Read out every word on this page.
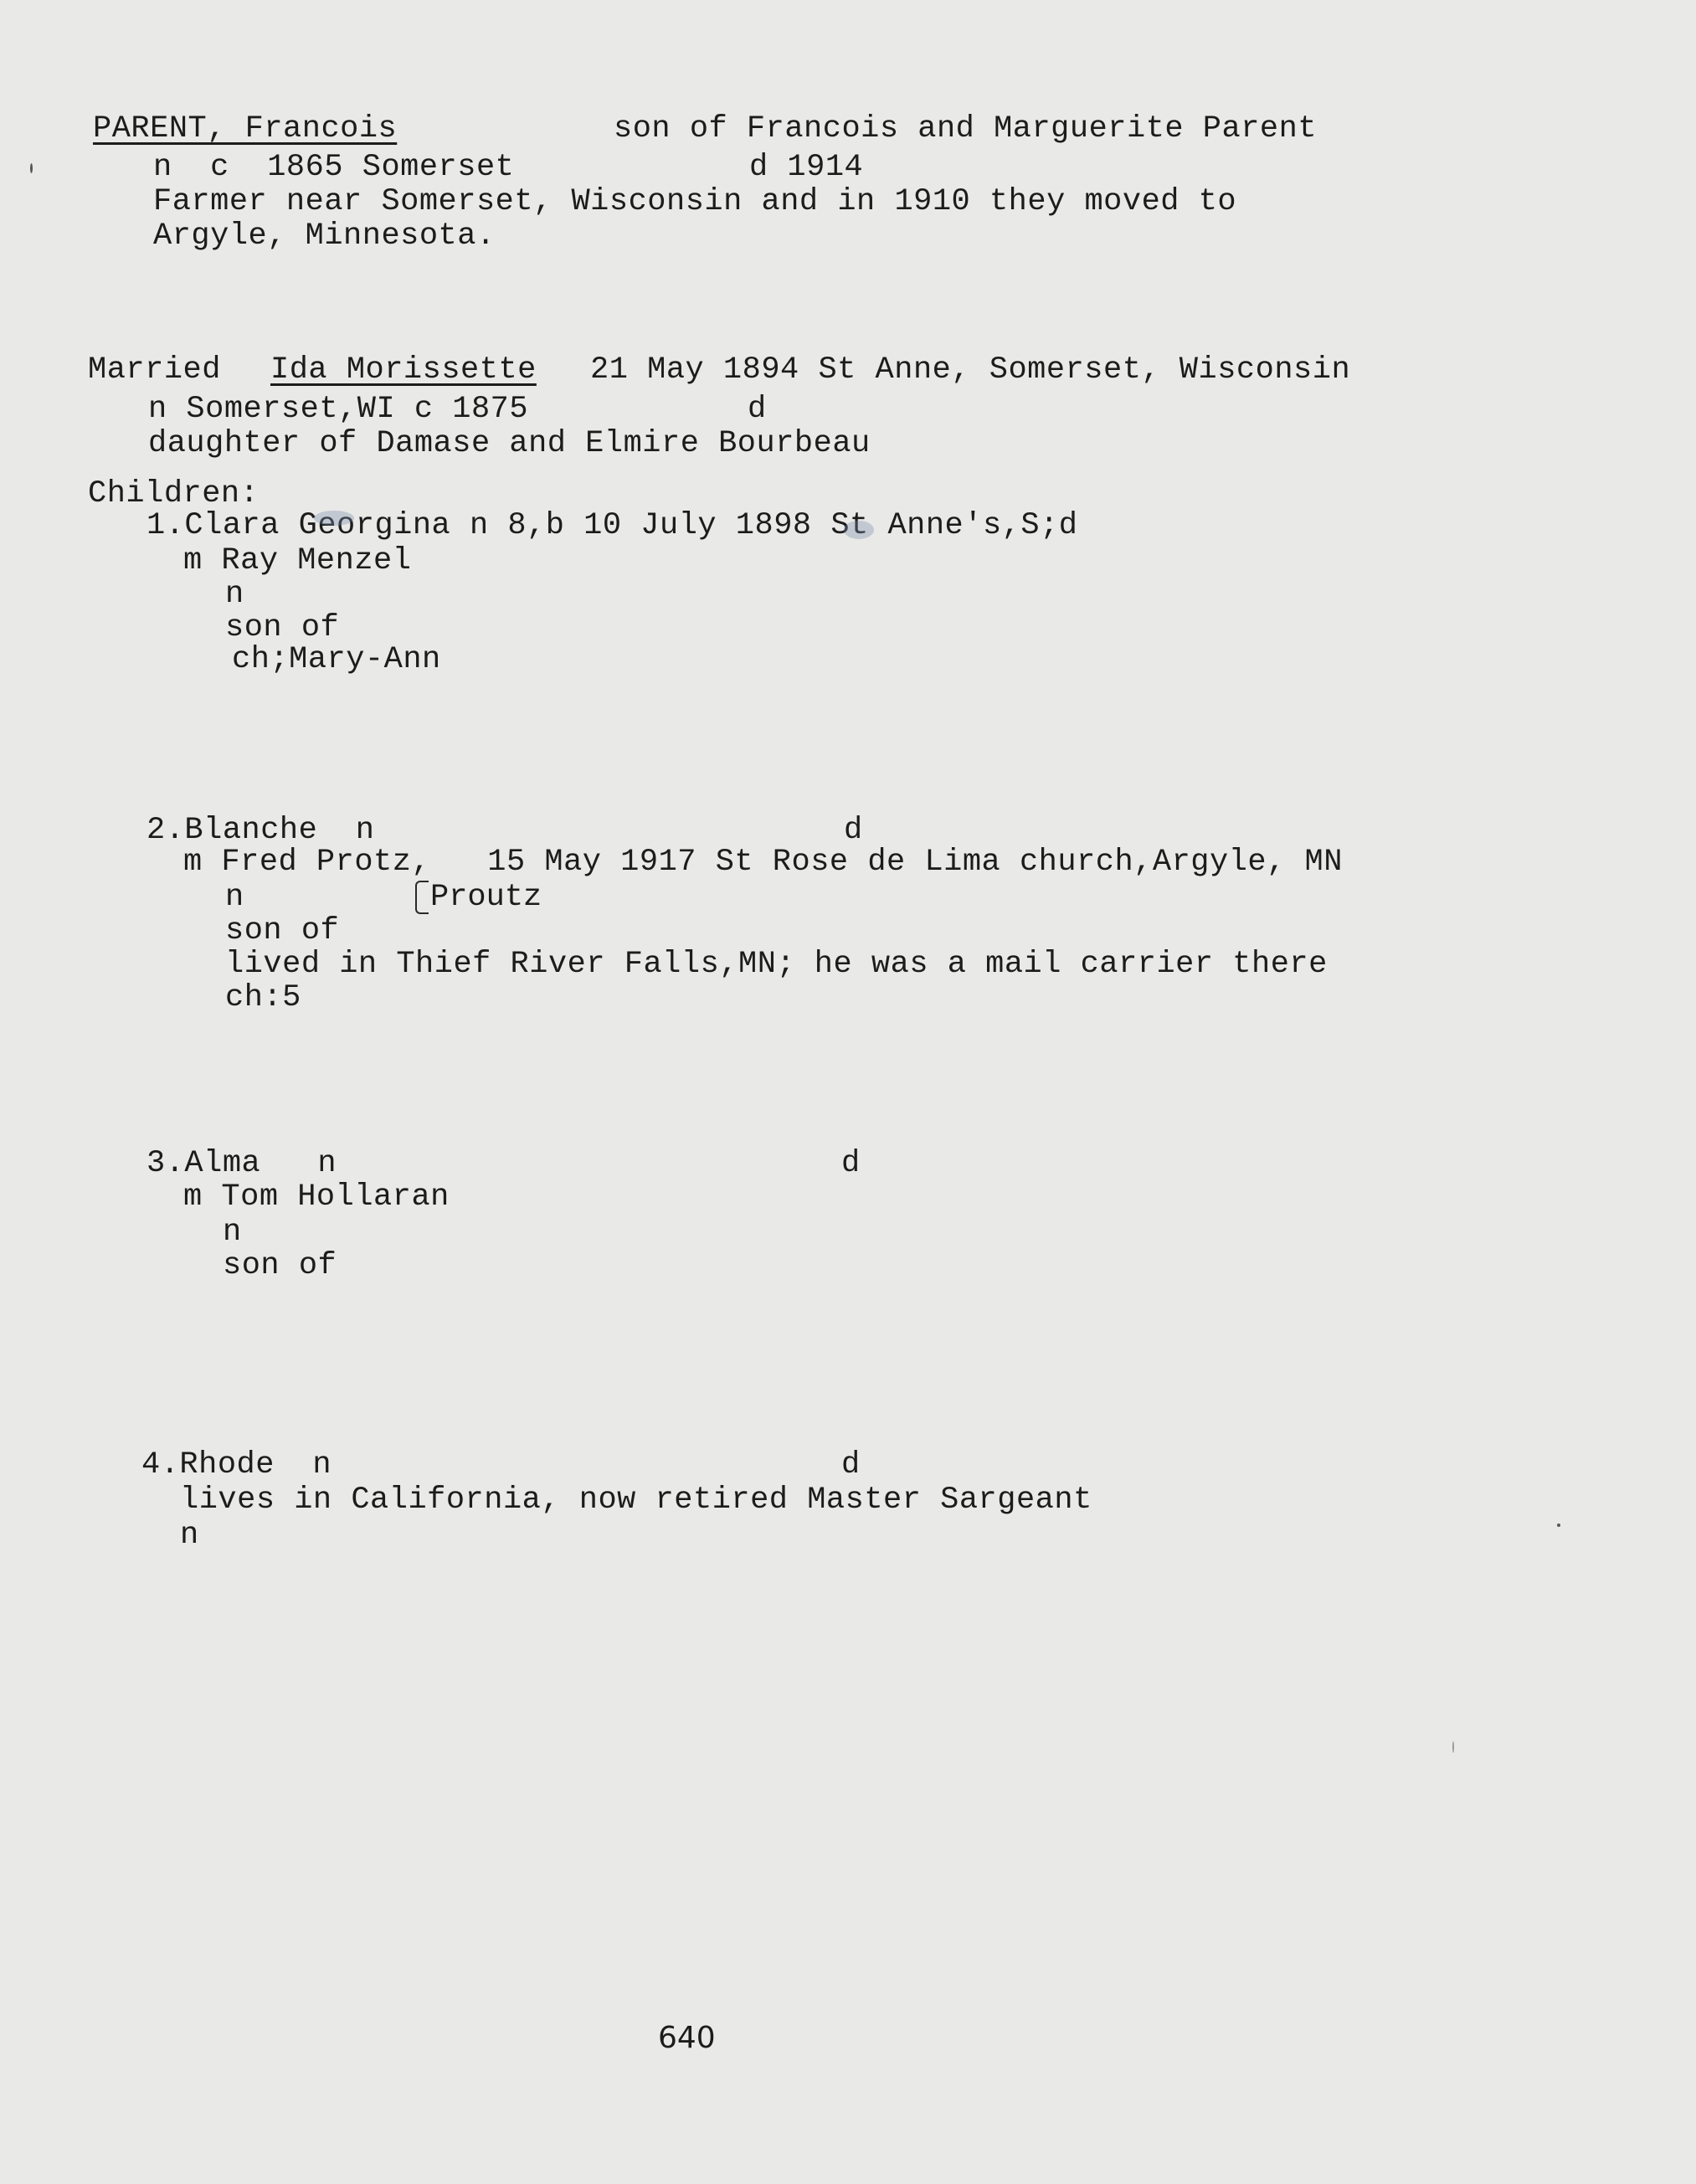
PARENT, Francois	son of Francois and Marguerite Parent
n  c  1865 Somerset	d 1914
Farmer near Somerset, Wisconsin and in 1910 they moved to
Argyle, Minnesota.
Married Ida Morissette 21 May 1894 St Anne, Somerset, Wisconsin
n Somerset,WI c 1875	d
daughter of Damase and Elmire Bourbeau
Children:
1.Clara Georgina n 8,b 10 July 1898 St Anne's,S;d
m Ray Menzel
n
son of
ch;Mary-Ann
2.Blanche  n	d
m Fred Protz,   15 May 1917 St Rose de Lima church,Argyle, MN
n	Proutz
son of
lived in Thief River Falls,MN; he was a mail carrier there
ch:5
3.Alma   n	d
m Tom Hollaran
n
son of
4.Rhode  n	d
lives in California, now retired Master Sargeant
n
640
